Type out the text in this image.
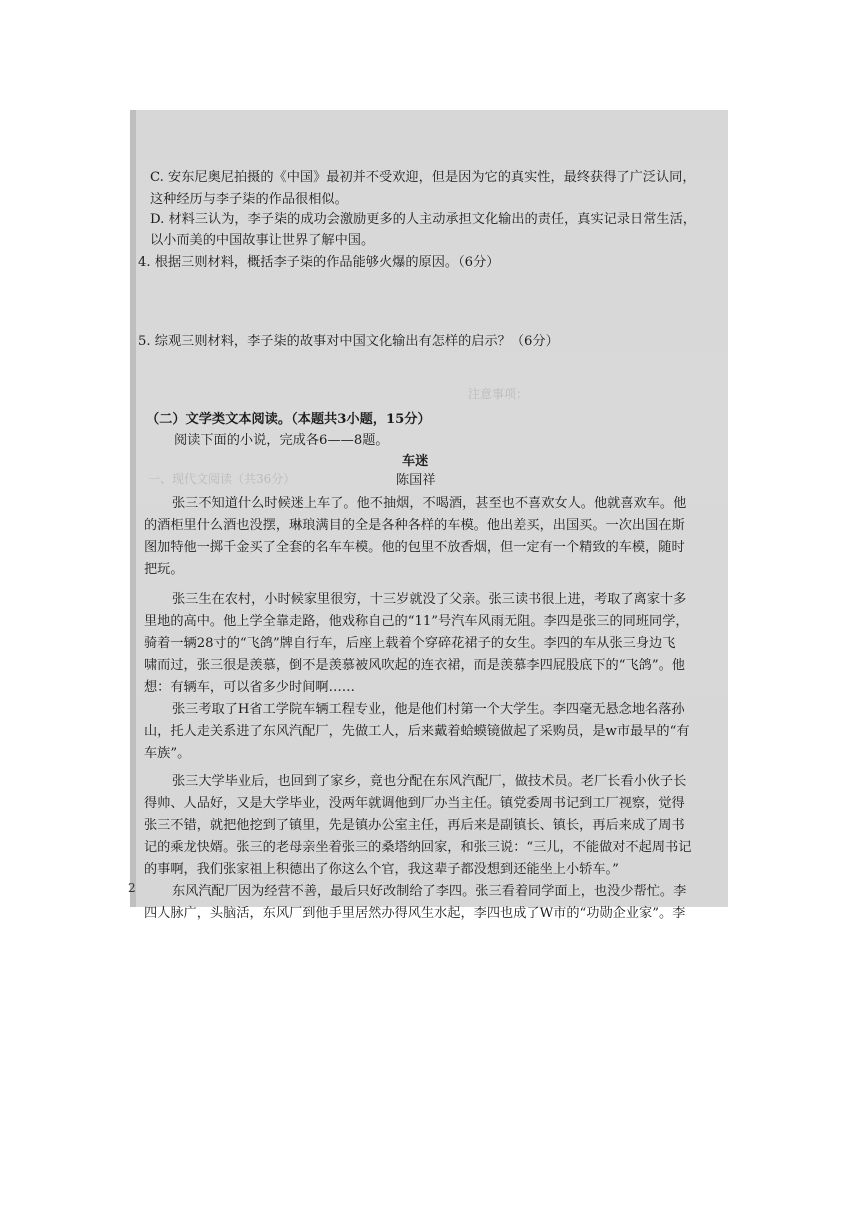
注意事项：
一、现代文阅读（共36分）
C. 安东尼奥尼拍摄的《中国》最初并不受欢迎，但是因为它的真实性，最终获得了广泛认同，
这种经历与李子柒的作品很相似。
D. 材料三认为，李子柒的成功会激励更多的人主动承担文化输出的责任，真实记录日常生活，
以小而美的中国故事让世界了解中国。
4. 根据三则材料，概括李子柒的作品能够火爆的原因。（6分）
5. 综观三则材料，李子柒的故事对中国文化输出有怎样的启示？（6分）
（二）文学类文本阅读。（本题共3小题，15分）
阅读下面的小说，完成各6——8题。
车迷
陈国祥
张三不知道什么时候迷上车了。他不抽烟，不喝酒，甚至也不喜欢女人。他就喜欢车。他
的酒柜里什么酒也没摆，琳琅满目的全是各种各样的车模。他出差买，出国买。一次出国在斯
图加特他一掷千金买了全套的名车车模。他的包里不放香烟，但一定有一个精致的车模，随时
把玩。
张三生在农村，小时候家里很穷，十三岁就没了父亲。张三读书很上进，考取了离家十多
里地的高中。他上学全靠走路，他戏称自己的“11”号汽车风雨无阻。李四是张三的同班同学，
骑着一辆28寸的“飞鸽”牌自行车，后座上载着个穿碎花裙子的女生。李四的车从张三身边飞
啸而过，张三很是羡慕，倒不是羡慕被风吹起的连衣裙，而是羡慕李四屁股底下的“飞鸽”。他
想：有辆车，可以省多少时间啊……
张三考取了H省工学院车辆工程专业，他是他们村第一个大学生。李四毫无悬念地名落孙
山，托人走关系进了东风汽配厂，先做工人，后来戴着蛤蟆镜做起了采购员，是w市最早的“有
车族”。
张三大学毕业后，也回到了家乡，竟也分配在东风汽配厂，做技术员。老厂长看小伙子长
得帅、人品好，又是大学毕业，没两年就调他到厂办当主任。镇党委周书记到工厂视察，觉得
张三不错，就把他挖到了镇里，先是镇办公室主任，再后来是副镇长、镇长，再后来成了周书
记的乘龙快婿。张三的老母亲坐着张三的桑塔纳回家，和张三说：“三儿，不能做对不起周书记
的事啊，我们张家祖上积德出了你这么个官，我这辈子都没想到还能坐上小轿车。”
东风汽配厂因为经营不善，最后只好改制给了李四。张三看着同学面上，也没少帮忙。李
四人脉广，头脑活，东风厂到他手里居然办得风生水起，李四也成了W市的“功勋企业家”。李
2
